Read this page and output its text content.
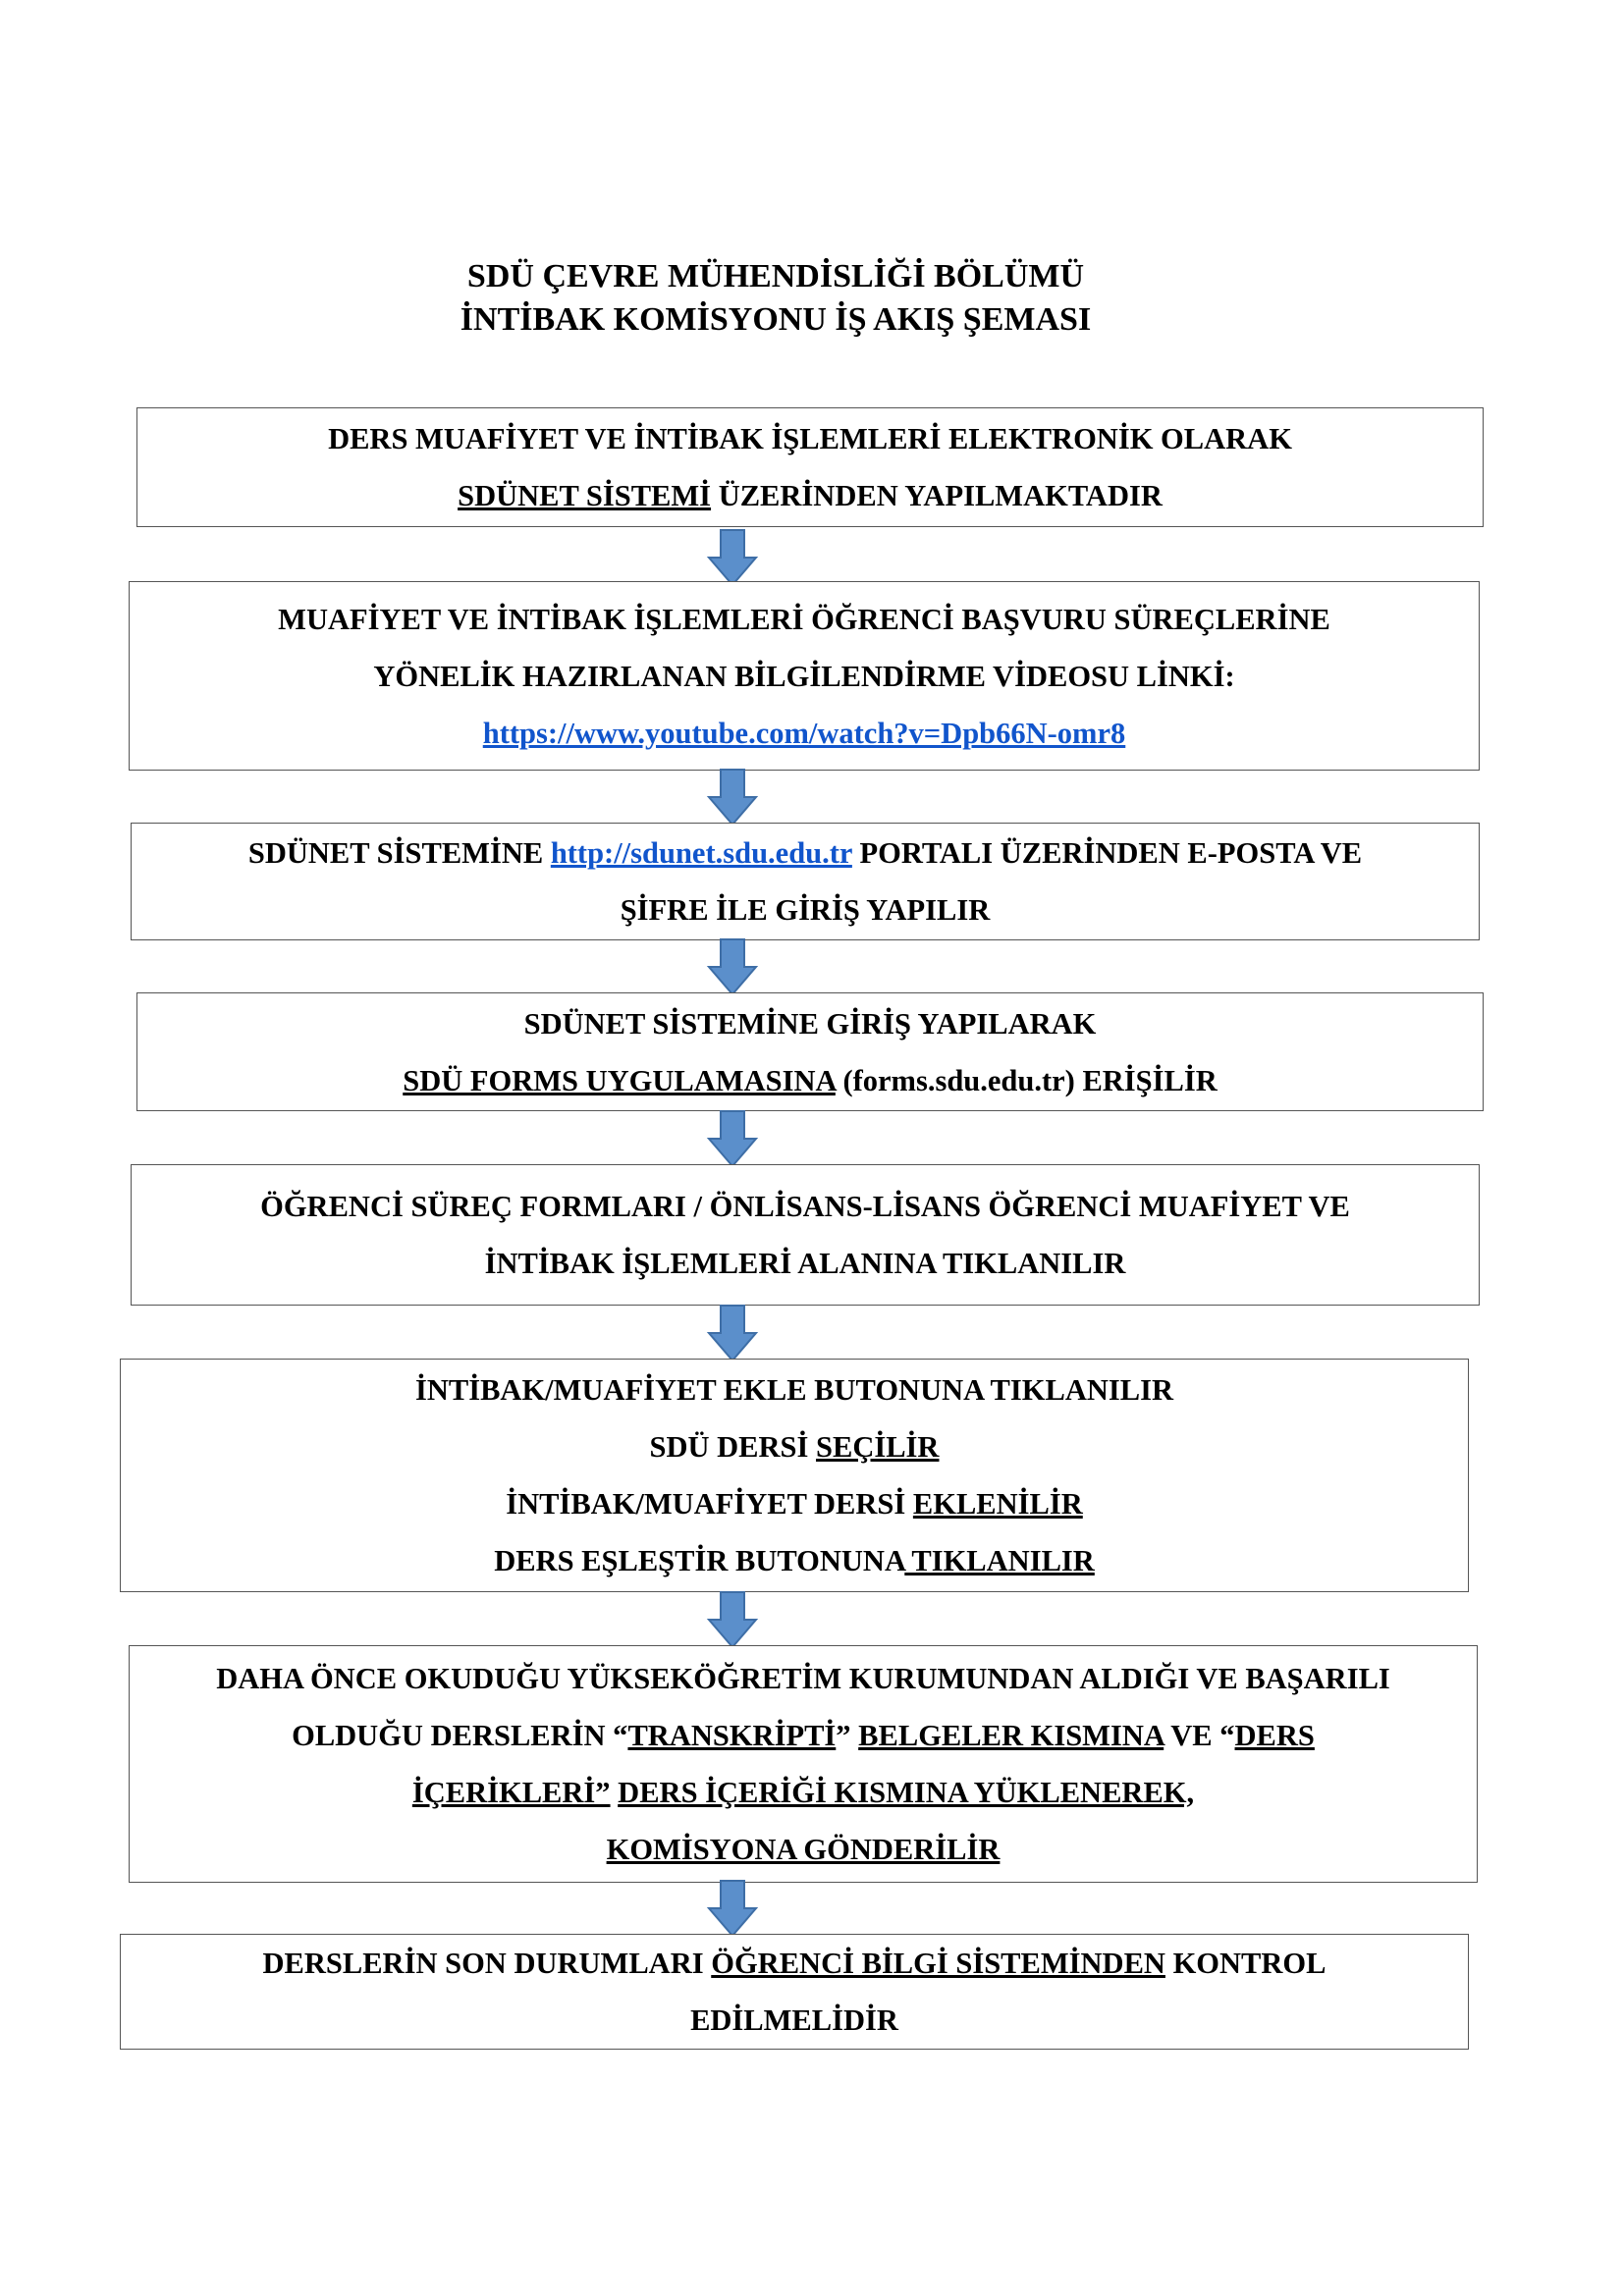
SDÜ ÇEVRE MÜHENDİSLİĞİ BÖLÜMÜ
İNTİBAK KOMİSYONU İŞ AKIŞ ŞEMASI
DERS MUAFİYET VE İNTİBAK İŞLEMLERİ ELEKTRONİK OLARAK
SDÜNET SİSTEMİ ÜZERİNDEN YAPILMAKTADIR
MUAFİYET VE İNTİBAK İŞLEMLERİ ÖĞRENCİ BAŞVURU SÜREÇLERİNE
YÖNELİK HAZIRLANAN BİLGİLENDİRME VİDEOSU LİNKİ:
https://www.youtube.com/watch?v=Dpb66N-omr8
SDÜNET SİSTEMİNE http://sdunet.sdu.edu.tr PORTALI ÜZERİNDEN E-POSTA VE
ŞİFRE İLE GİRİŞ YAPILIR
SDÜNET SİSTEMİNE GİRİŞ YAPILARAK
SDÜ FORMS UYGULAMASINA (forms.sdu.edu.tr) ERİŞİLİR
ÖĞRENCİ SÜREÇ FORMLARI / ÖNLİSANS-LİSANS ÖĞRENCİ MUAFİYET VE
İNTİBAK İŞLEMLERİ ALANINA TIKLANILIR
İNTİBAK/MUAFİYET EKLE BUTONUNA TIKLANILIR
SDÜ DERSİ SEÇİLİR
İNTİBAK/MUAFİYET DERSİ EKLENİLİR
DERS EŞLEŞTİR BUTONUNA TIKLANILIR
DAHA ÖNCE OKUDUĞU YÜKSEKÖĞRETİM KURUMUNDAN ALDIĞI VE BAŞARILI
OLDUĞU DERSLERİN “TRANSKRİPTİ” BELGELER KISMINA VE “DERS
İÇERİKLERİ” DERS İÇERİĞİ KISMINA YÜKLENEREK,
KOMİSYONA GÖNDERİLİR
DERSLERİN SON DURUMLARI ÖĞRENCİ BİLGİ SİSTEMİNDEN KONTROL
EDİLMELİDİR
